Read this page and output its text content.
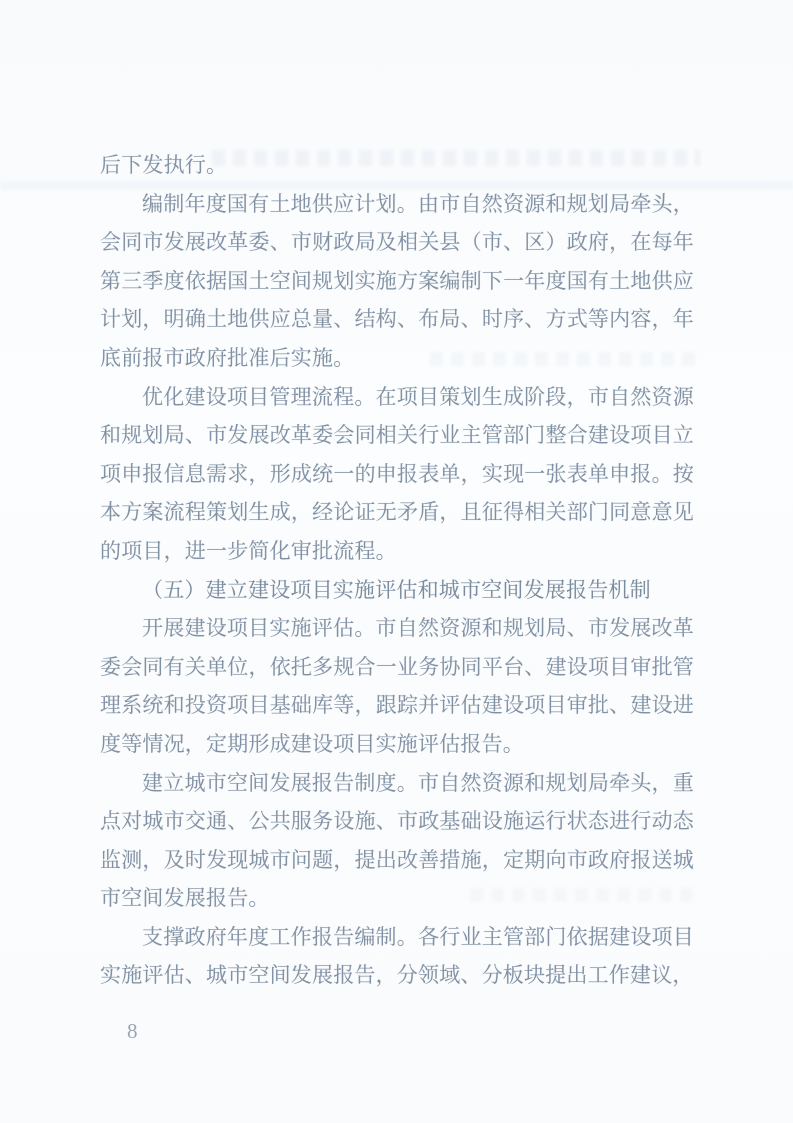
后下发执行。

编制年度国有土地供应计划。由市自然资源和规划局牵头，会同市发展改革委、市财政局及相关县（市、区）政府，在每年第三季度依据国土空间规划实施方案编制下一年度国有土地供应计划，明确土地供应总量、结构、布局、时序、方式等内容，年底前报市政府批准后实施。

优化建设项目管理流程。在项目策划生成阶段，市自然资源和规划局、市发展改革委会同相关行业主管部门整合建设项目立项申报信息需求，形成统一的申报表单，实现一张表单申报。按本方案流程策划生成，经论证无矛盾，且征得相关部门同意意见的项目，进一步简化审批流程。

（五）建立建设项目实施评估和城市空间发展报告机制

开展建设项目实施评估。市自然资源和规划局、市发展改革委会同有关单位，依托多规合一业务协同平台、建设项目审批管理系统和投资项目基础库等，跟踪并评估建设项目审批、建设进度等情况，定期形成建设项目实施评估报告。

建立城市空间发展报告制度。市自然资源和规划局牵头，重点对城市交通、公共服务设施、市政基础设施运行状态进行动态监测，及时发现城市问题，提出改善措施，定期向市政府报送城市空间发展报告。

支撑政府年度工作报告编制。各行业主管部门依据建设项目实施评估、城市空间发展报告，分领域、分板块提出工作建议，

8
